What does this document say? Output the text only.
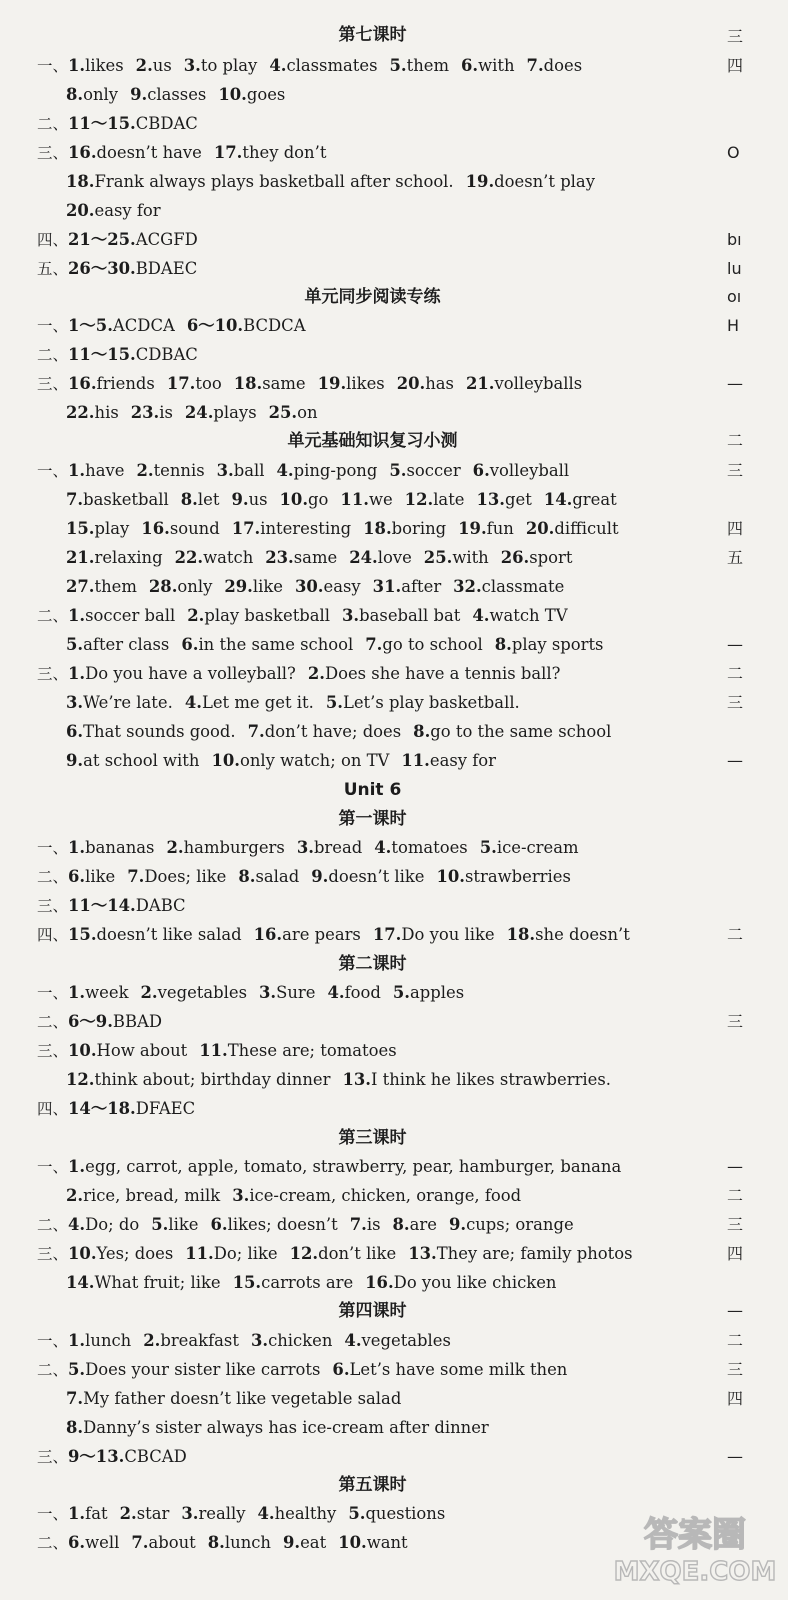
第七课时
一、1.likes 2.us 3.to play 4.classmates 5.them 6.with 7.does
8.only 9.classes 10.goes
二、11～15.CBDAC
三、16.doesn’t have 17.they don’t
18.Frank always plays basketball after school. 19.doesn’t play
20.easy for
四、21～25.ACGFD
五、26～30.BDAEC
单元同步阅读专练
一、1～5.ACDCA 6～10.BCDCA
二、11～15.CDBAC
三、16.friends 17.too 18.same 19.likes 20.has 21.volleyballs
22.his 23.is 24.plays 25.on
单元基础知识复习小测
一、1.have 2.tennis 3.ball 4.ping-pong 5.soccer 6.volleyball
7.basketball 8.let 9.us 10.go 11.we 12.late 13.get 14.great
15.play 16.sound 17.interesting 18.boring 19.fun 20.difficult
21.relaxing 22.watch 23.same 24.love 25.with 26.sport
27.them 28.only 29.like 30.easy 31.after 32.classmate
二、1.soccer ball 2.play basketball 3.baseball bat 4.watch TV
5.after class 6.in the same school 7.go to school 8.play sports
三、1.Do you have a volleyball? 2.Does she have a tennis ball?
3.We’re late. 4.Let me get it. 5.Let’s play basketball.
6.That sounds good. 7.don’t have; does 8.go to the same school
9.at school with 10.only watch; on TV 11.easy for
Unit 6
第一课时
一、1.bananas 2.hamburgers 3.bread 4.tomatoes 5.ice-cream
二、6.like 7.Does; like 8.salad 9.doesn’t like 10.strawberries
三、11～14.DABC
四、15.doesn’t like salad 16.are pears 17.Do you like 18.she doesn’t
第二课时
一、1.week 2.vegetables 3.Sure 4.food 5.apples
二、6～9.BBAD
三、10.How about 11.These are; tomatoes
12.think about; birthday dinner 13.I think he likes strawberries.
四、14～18.DFAEC
第三课时
一、1.egg, carrot, apple, tomato, strawberry, pear, hamburger, banana
2.rice, bread, milk 3.ice-cream, chicken, orange, food
二、4.Do; do 5.like 6.likes; doesn’t 7.is 8.are 9.cups; orange
三、10.Yes; does 11.Do; like 12.don’t like 13.They are; family photos
14.What fruit; like 15.carrots are 16.Do you like chicken
第四课时
一、1.lunch 2.breakfast 3.chicken 4.vegetables
二、5.Does your sister like carrots 6.Let’s have some milk then
7.My father doesn’t like vegetable salad
8.Danny’s sister always has ice-cream after dinner
三、9～13.CBCAD
第五课时
一、1.fat 2.star 3.really 4.healthy 5.questions
二、6.well 7.about 8.lunch 9.eat 10.want
三
四
O
bı
lu
oı
H
—
二
三
四
五
—
二
三
—
二
三
—
二
三
四
—
二
三
四
—
答案圈
MXQE.COM
